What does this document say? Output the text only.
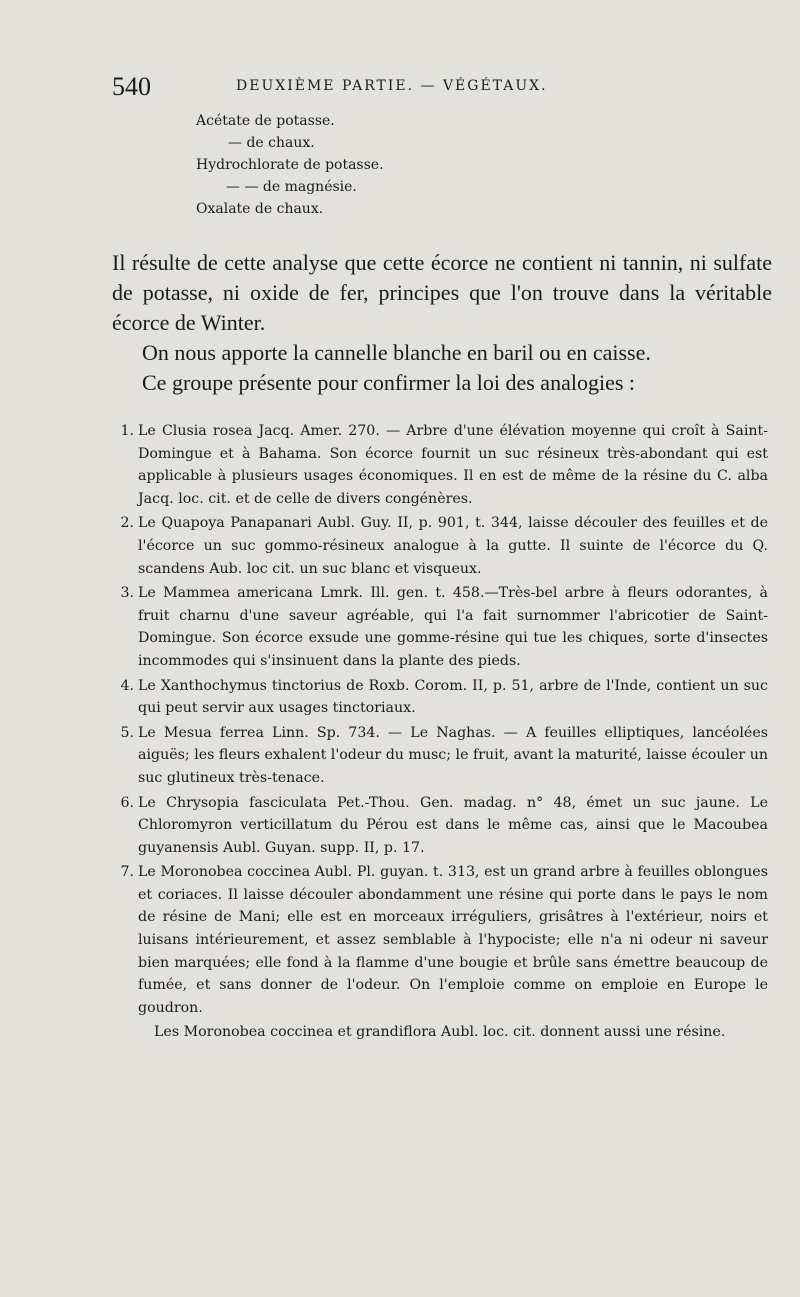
540	DEUXIÈME PARTIE. — VÉGÉTAUX.
Acétate de potasse.
— de chaux.
Hydrochlorate de potasse.
— — de magnésie.
Oxalate de chaux.

Il résulte de cette analyse que cette écorce ne contient ni tannin, ni sulfate de potasse, ni oxide de fer, principes que l'on trouve dans la véritable écorce de Winter.

On nous apporte la cannelle blanche en baril ou en caisse.

Ce groupe présente pour confirmer la loi des analogies :

1. Le Clusia rosea Jacq. Amer. 270. — Arbre d'une élévation moyenne qui croît à Saint-Domingue et à Bahama. Son écorce fournit un suc résineux très-abondant qui est applicable à plusieurs usages économiques. Il en est de même de la résine du C. alba Jacq. loc. cit. et de celle de divers congénères.

2. Le Quapoya Panapanari Aubl. Guy. II, p. 901, t. 344, laisse découler des feuilles et de l'écorce un suc gommo-résineux analogue à la gutte. Il suinte de l'écorce du Q. scandens Aub. loc cit. un suc blanc et visqueux.

3. Le Mammea americana Lmrk. Ill. gen. t. 458.—Très-bel arbre à fleurs odorantes, à fruit charnu d'une saveur agréable, qui l'a fait surnommer l'abricotier de Saint-Domingue. Son écorce exsude une gomme-résine qui tue les chiques, sorte d'insectes incommodes qui s'insinuent dans la plante des pieds.

4. Le Xanthochymus tinctorius de Roxb. Corom. II, p. 51, arbre de l'Inde, contient un suc qui peut servir aux usages tinctoriaux.

5. Le Mesua ferrea Linn. Sp. 734. — Le Naghas. — A feuilles elliptiques, lancéolées aiguës; les fleurs exhalent l'odeur du musc; le fruit, avant la maturité, laisse écouler un suc glutineux très-tenace.

6. Le Chrysopia fasciculata Pet.-Thou. Gen. madag. n° 48, émet un suc jaune. Le Chloromyron verticillatum du Pérou est dans le même cas, ainsi que le Macoubea guyanensis Aubl. Guyan. supp. II, p. 17.

7. Le Moronobea coccinea Aubl. Pl. guyan. t. 313, est un grand arbre à feuilles oblongues et coriaces. Il laisse découler abondamment une résine qui porte dans le pays le nom de résine de Mani; elle est en morceaux irréguliers, grisâtres à l'extérieur, noirs et luisans intérieurement, et assez semblable à l'hypociste; elle n'a ni odeur ni saveur bien marquées; elle fond à la flamme d'une bougie et brûle sans émettre beaucoup de fumée, et sans donner de l'odeur. On l'emploie comme on emploie en Europe le goudron.

Les Moronobea coccinea et grandiflora Aubl. loc. cit. donnent aussi une résine.
